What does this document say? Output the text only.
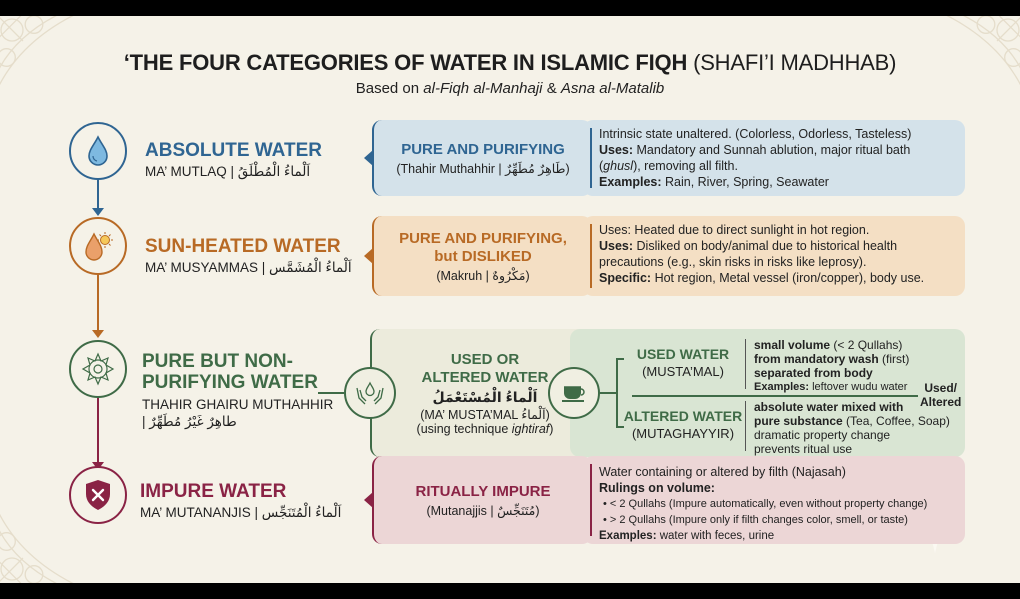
‘THE FOUR CATEGORIES OF WATER IN ISLAMIC FIQH (SHAFI’I MADHHAB)
Based on al-Fiqh al-Manhaji & Asna al-Matalib
ABSOLUTE WATER
MA’ MUTLAQ | اَلْماءُ الْمُطْلَقُ
PURE AND PURIFYING
(Thahir Muthahhir | طَاهِرٌ مُطَهِّرٌ)
Intrinsic state unaltered. (Colorless, Odorless, Tasteless)
Uses: Mandatory and Sunnah ablution, major ritual bath
(ghusl), removing all filth.
Examples: Rain, River, Spring, Seawater
SUN-HEATED WATER
MA’ MUSYAMMAS | اَلْماءُ الْمُشَمَّس
PURE AND PURIFYING,
but DISLIKED
(Makruh | مَكْرُوهٌ)
Uses: Heated due to direct sunlight in hot region.
Uses: Disliked on body/animal due to historical health
precautions (e.g., skin risks in risks like leprosy).
Specific: Hot region, Metal vessel (iron/copper), body use.
PURE BUT NON-
PURIFYING WATER
THAHIR GHAIRU MUTHAHHIR
| طاهِرٌ غَيْرُ مُطَهِّرٌ
USED OR
ALTERED WATER
اَلْماءُ الْمُسْتَعْمَلُ
(MA’ MUSTA’MAL اَلْماءُ)
(using technique ightiraf)
USED WATER
(MUSTA’MAL)
small volume (< 2 Qullahs)
from mandatory wash (first)
separated from body
Examples: leftover wudu water	Used/
Altered
ALTERED WATER
(MUTAGHAYYIR)
absolute water mixed with
pure substance (Tea, Coffee, Soap)
dramatic property change
prevents ritual use
IMPURE WATER
MA’ MUTANANJIS | اَلْماءُ الْمُتَنَجِّس
RITUALLY IMPURE
(Mutanajjis | مُتَنَجِّسٌ)
Water containing or altered by filth (Najasah)
Rulings on volume:
• < 2 Qullahs (Impure automatically, even without property change)
• > 2 Qullahs (Impure only if filth changes color, smell, or taste)
Examples: water with feces, urine
